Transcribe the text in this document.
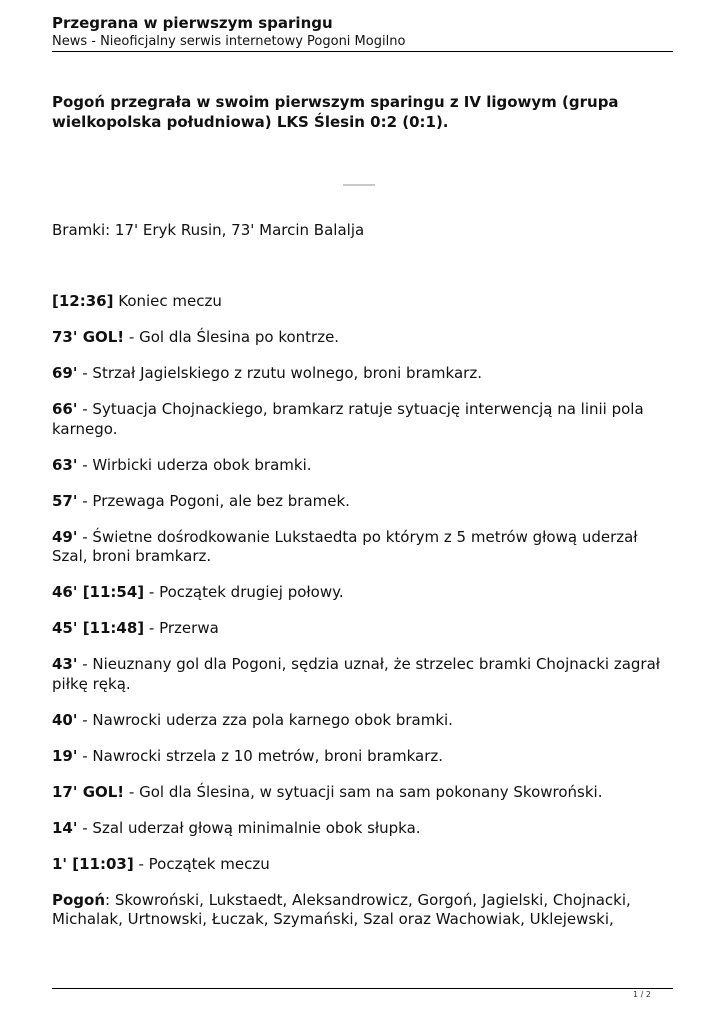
Przegrana w pierwszym sparingu
News - Nieoficjalny serwis internetowy Pogoni Mogilno
Pogoń przegrała w swoim pierwszym sparingu z IV ligowym (grupa wielkopolska południowa) LKS Ślesin 0:2 (0:1).
Bramki: 17' Eryk Rusin, 73' Marcin Balalja

[12:36] Koniec meczu

73' GOL! - Gol dla Ślesina po kontrze.

69' - Strzał Jagielskiego z rzutu wolnego, broni bramkarz.

66' - Sytuacja Chojnackiego, bramkarz ratuje sytuację interwencją na linii pola karnego.

63' - Wirbicki uderza obok bramki.

57' - Przewaga Pogoni, ale bez bramek.

49' - Świetne dośrodkowanie Lukstaedta po którym z 5 metrów głową uderzał Szal, broni bramkarz.

46' [11:54] - Początek drugiej połowy.

45' [11:48] - Przerwa

43' - Nieuznany gol dla Pogoni, sędzia uznał, że strzelec bramki Chojnacki zagrał piłkę ręką.

40' - Nawrocki uderza zza pola karnego obok bramki.

19' - Nawrocki strzela z 10 metrów, broni bramkarz.

17' GOL! - Gol dla Ślesina, w sytuacji sam na sam pokonany Skowroński.

14' - Szal uderzał głową minimalnie obok słupka.

1' [11:03] - Początek meczu

Pogoń: Skowroński, Lukstaedt, Aleksandrowicz, Gorgoń, Jagielski, Chojnacki, Michalak, Urtnowski, Łuczak, Szymański, Szal oraz Wachowiak, Uklejewski,

1 / 2
